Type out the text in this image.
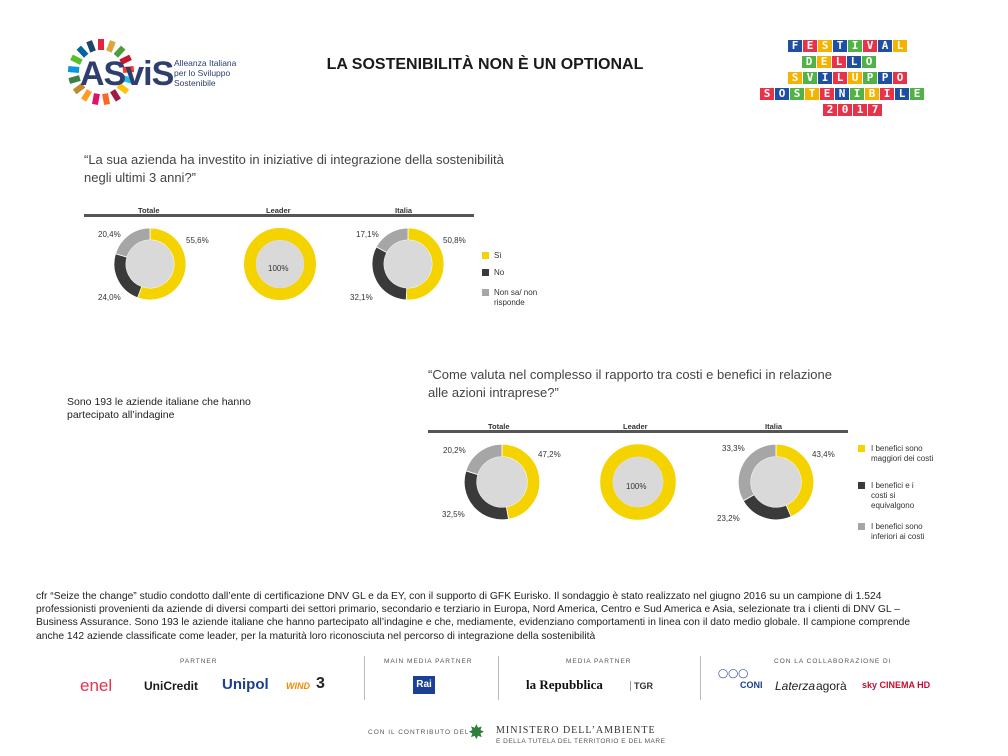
ASviS Alleanza Italiana per lo Sviluppo Sostenibile
LA SOSTENIBILITÀ NON È UN OPTIONAL
F E S T I V A L
D E L L O
S V I L U P P O
S O S T E N I B I L E
2 0 1 7
“La sua azienda ha investito in iniziative di integrazione della sostenibilità negli ultimi 3 anni?”
Totale	Leader	Italia
20,4%
55,6%
24,0%
100%
17,1%
50,8%
32,1%
Sì
No
Non sa/ non risponde
Sono 193 le aziende italiane che hanno partecipato all’indagine
“Come valuta nel complesso il rapporto tra costi e benefici in relazione alle azioni intraprese?”
Totale	Leader	Italia
20,2%	47,2%
32,5%
100%
33,3%
43,4%
23,2%
I benefici sono maggiori dei costi
I benefici e i costi si equivalgono
I benefici sono inferiori ai costi
cfr “Seize the change” studio condotto dall’ente di certificazione DNV GL e da EY, con il supporto di GFK Eurisko. Il sondaggio è stato realizzato nel giugno 2016 su un campione di 1.524 professionisti provenienti da aziende di diversi comparti dei settori primario, secondario e terziario in Europa, Nord America, Centro e Sud America e Asia, selezionate tra i clienti di DNV GL – Business Assurance. Sono 193 le aziende italiane che hanno partecipato all’indagine e che, mediamente, evidenziano comportamenti in linea con il dato medio globale. Il campione comprende anche 142 aziende classificate come leader, per la maturità loro riconosciuta nel percorso di integrazione della sostenibilità
PARTNER	MAIN MEDIA PARTNER	MEDIA PARTNER	CON LA COLLABORAZIONE DI
enel	UniCredit Unipol WIND 3	Rai	la Repubblica	TGR	CONI
◯◯◯
Laterza agorà sky CINEMA HD
CON IL CONTRIBUTO DEL
✸ MINISTERO DELL’AMBIENTE
E DELLA TUTELA DEL TERRITORIO E DEL MARE
